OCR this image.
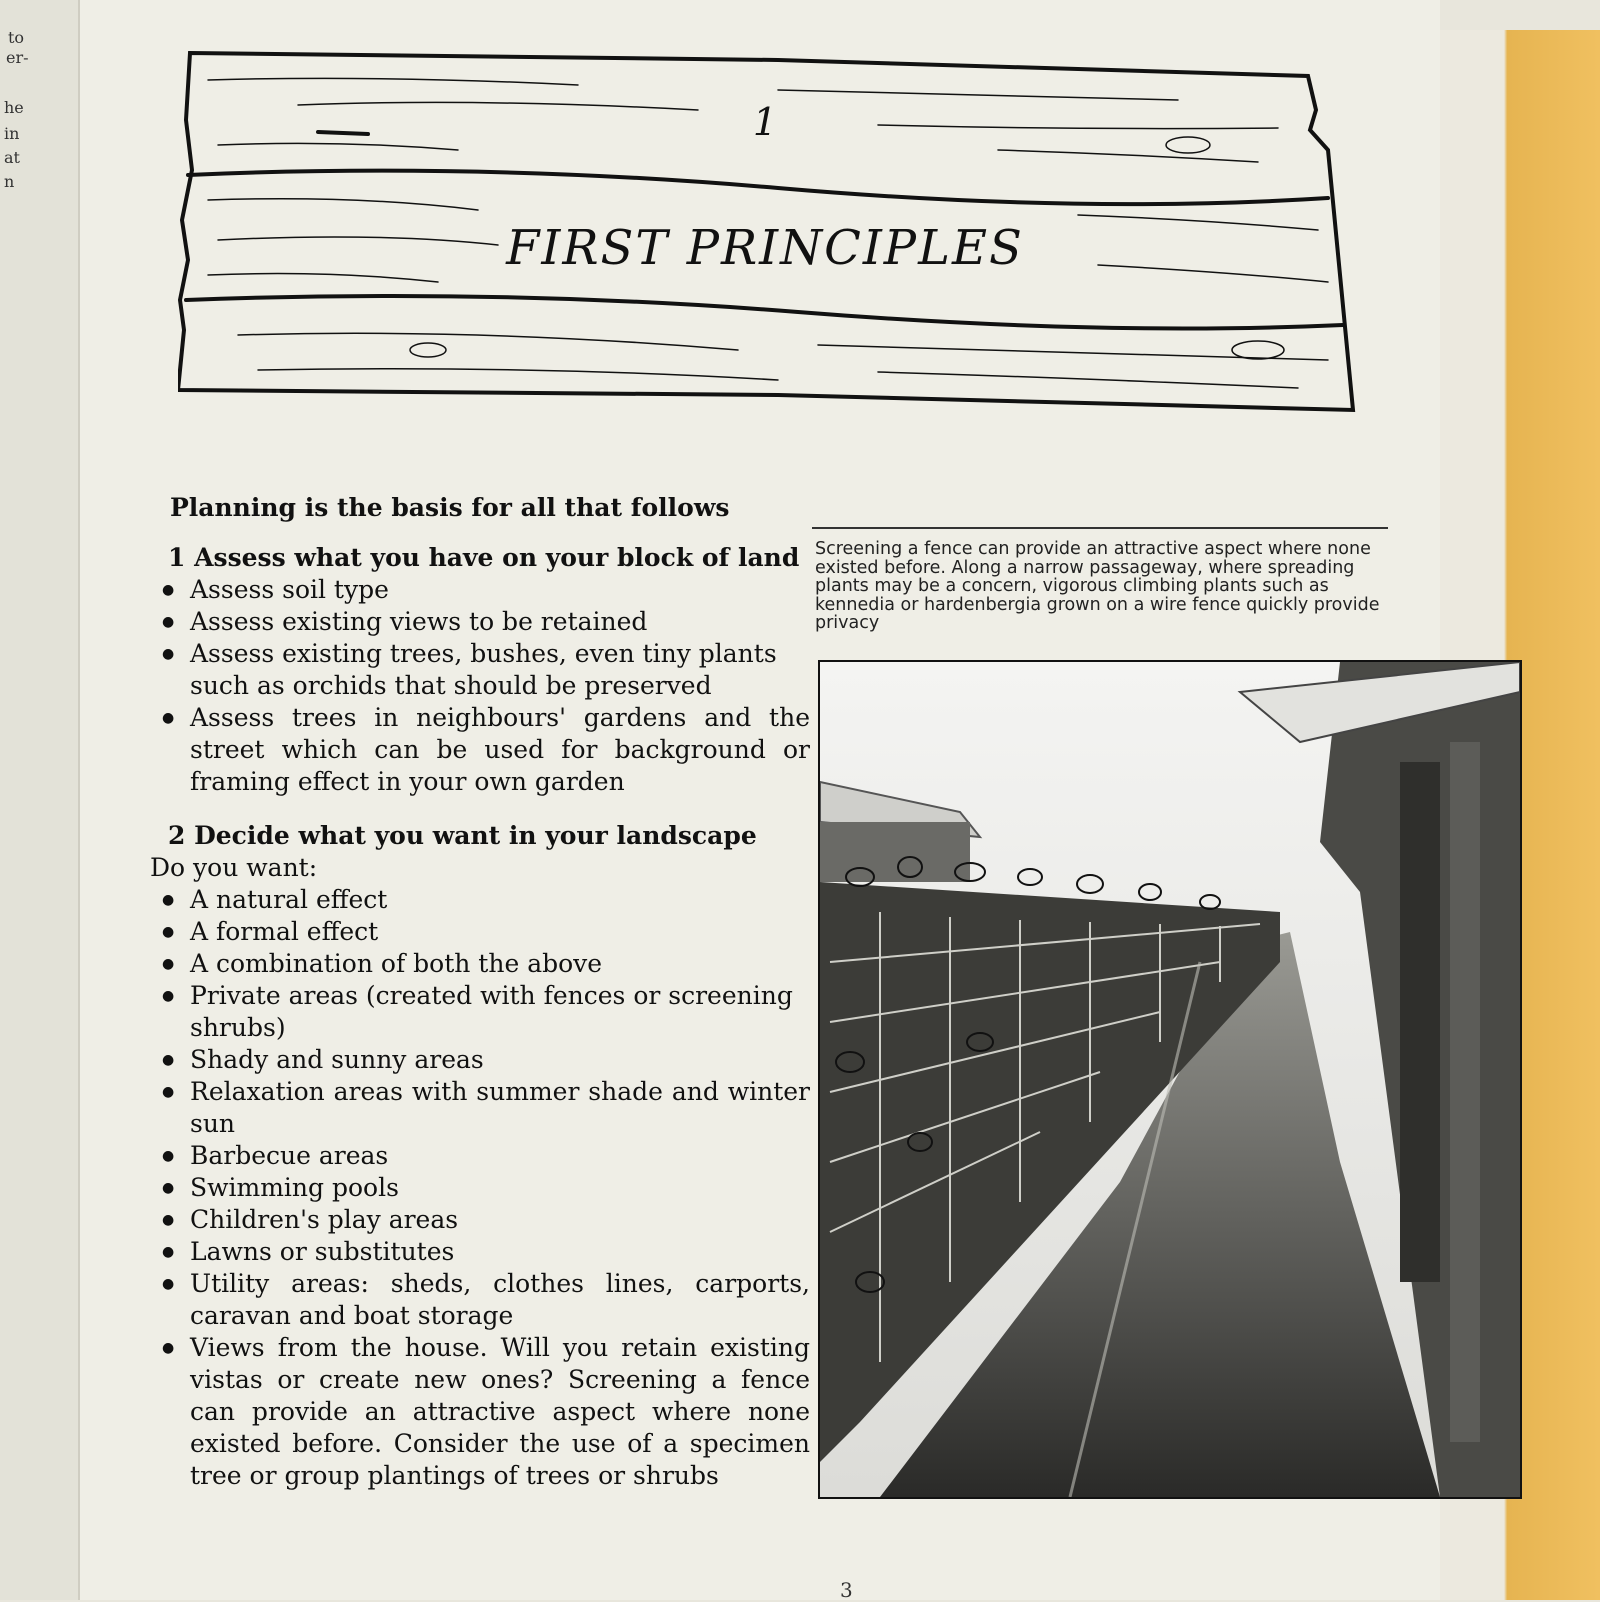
to
er-
he
in
at
n
1
FIRST PRINCIPLES

Planning is the basis for all that follows

1 Assess what you have on your block of land

● Assess soil type
● Assess existing views to be retained
● Assess existing trees, bushes, even tiny plants such as orchids that should be preserved
● Assess trees in neighbours' gardens and the street which can be used for background or framing effect in your own garden

2 Decide what you want in your landscape

Do you want:

● A natural effect
● A formal effect
● A combination of both the above
● Private areas (created with fences or screening shrubs)
● Shady and sunny areas
● Relaxation areas with summer shade and winter sun
● Barbecue areas
● Swimming pools
● Children's play areas
● Lawns or substitutes
● Utility areas: sheds, clothes lines, carports, caravan and boat storage
● Views from the house. Will you retain existing vistas or create new ones? Screening a fence can provide an attractive aspect where none existed before. Consider the use of a specimen tree or group plantings of trees or shrubs
Screening a fence can provide an attractive aspect where none existed before. Along a narrow passageway, where spreading plants may be a concern, vigorous climbing plants such as kennedia or hardenbergia grown on a wire fence quickly provide privacy
3
